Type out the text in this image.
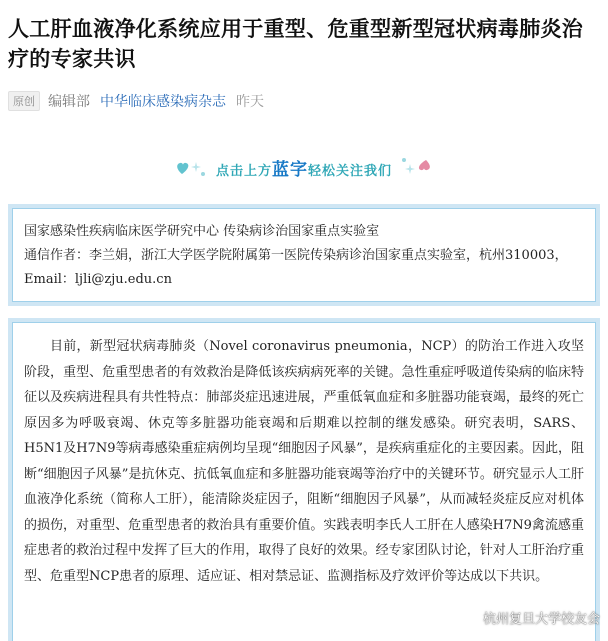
人工肝血液净化系统应用于重型、危重型新型冠状病毒肺炎治疗的专家共识
原创 编辑部 中华临床感染病杂志 昨天
点击上方蓝字轻松关注我们
国家感染性疾病临床医学研究中心 传染病诊治国家重点实验室
通信作者：李兰娟，浙江大学医学院附属第一医院传染病诊治国家重点实验室，杭州310003，Email：ljli@zju.edu.cn

目前，新型冠状病毒肺炎（Novel coronavirus pneumonia，NCP）的防治工作进入攻坚阶段，重型、危重型患者的有效救治是降低该疾病病死率的关键。急性重症呼吸道传染病的临床特征以及疾病进程具有共性特点：肺部炎症迅速进展，严重低氧血症和多脏器功能衰竭，最终的死亡原因多为呼吸衰竭、休克等多脏器功能衰竭和后期难以控制的继发感染。研究表明，SARS、H5N1及H7N9等病毒感染重症病例均呈现“细胞因子风暴”，是疾病重症化的主要因素。因此，阻断“细胞因子风暴”是抗休克、抗低氧血症和多脏器功能衰竭等治疗中的关键环节。研究显示人工肝血液净化系统（简称人工肝），能清除炎症因子，阻断“细胞因子风暴”，从而减轻炎症反应对机体的损伤，对重型、危重型患者的救治具有重要价值。实践表明李氏人工肝在人感染H7N9禽流感重症患者的救治过程中发挥了巨大的作用，取得了良好的效果。经专家团队讨论，针对人工肝治疗重型、危重型NCP患者的原理、适应证、相对禁忌证、监测指标及疗效评价等达成以下共识。

杭州复旦大学校友会
